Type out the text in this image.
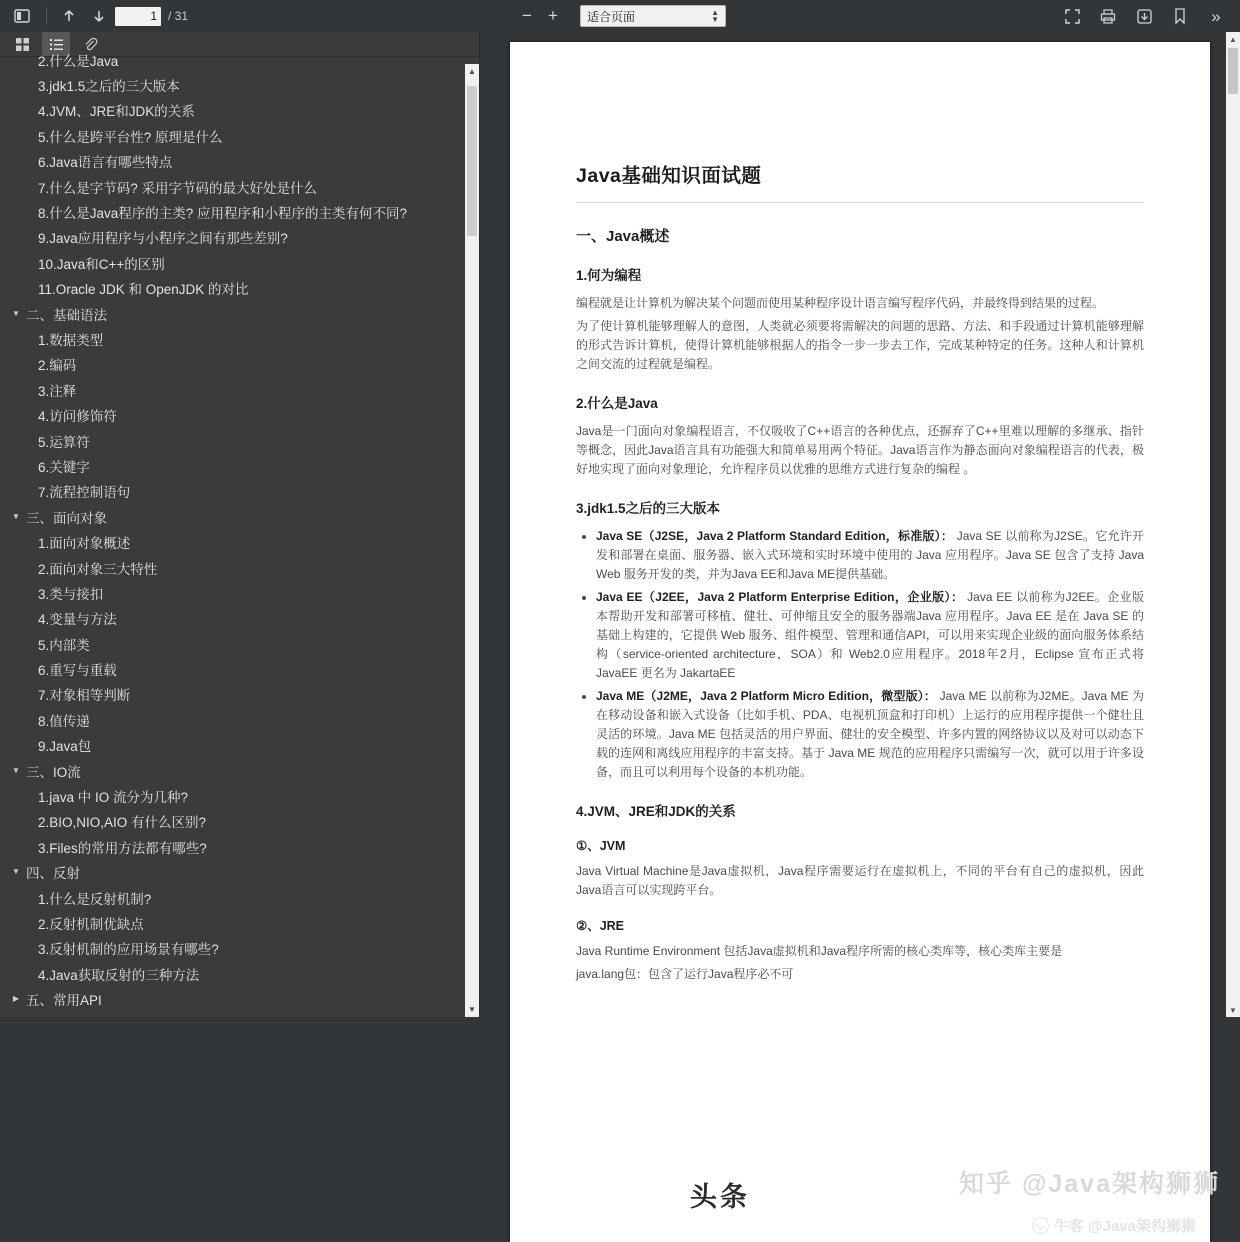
1
/ 31	− +	适合页面	▲
▼	»
2.什么是Java
3.jdk1.5之后的三大版本
4.JVM、JRE和JDK的关系
5.什么是跨平台性? 原理是什么
6.Java语言有哪些特点
7.什么是字节码? 采用字节码的最大好处是什么
8.什么是Java程序的主类? 应用程序和小程序的主类有何不同?
9.Java应用程序与小程序之间有那些差别?
10.Java和C++的区别
11.Oracle JDK 和 OpenJDK 的对比
▼ 二、基础语法
1.数据类型
2.编码
3.注释
4.访问修饰符
5.运算符
6.关键字
7.流程控制语句
▼ 三、面向对象
1.面向对象概述
2.面向对象三大特性
3.类与接扣
4.变量与方法
5.内部类
6.重写与重载
7.对象相等判断
8.值传递
9.Java包
▼ 三、IO流
1.java 中 IO 流分为几种?
2.BIO,NIO,AIO 有什么区别?
3.Files的常用方法都有哪些?
▼ 四、反射
1.什么是反射机制?
2.反射机制优缺点
3.反射机制的应用场景有哪些?
4.Java获取反射的三种方法
▶ 五、常用API
▲
▼
Java基础知识面试题
一、Java概述
1.何为编程

编程就是让计算机为解决某个问题而使用某种程序设计语言编写程序代码，并最终得到结果的过程。

为了使计算机能够理解人的意图，人类就必须要将需解决的问题的思路、方法、和手段通过计算机能够理解的形式告诉计算机，使得计算机能够根据人的指令一步一步去工作，完成某种特定的任务。这种人和计算机之间交流的过程就是编程。

2.什么是Java

Java是一门面向对象编程语言，不仅吸收了C++语言的各种优点，还摒弃了C++里难以理解的多继承、指针等概念，因此Java语言具有功能强大和简单易用两个特征。Java语言作为静态面向对象编程语言的代表，极好地实现了面向对象理论，允许程序员以优雅的思维方式进行复杂的编程 。

3.jdk1.5之后的三大版本
• Java SE（J2SE，Java 2 Platform Standard Edition，标准版）： Java SE 以前称为J2SE。它允许开发和部署在桌面、服务器、嵌入式环境和实时环境中使用的 Java 应用程序。Java SE 包含了支持 Java Web 服务开发的类，并为Java EE和Java ME提供基础。
• Java EE（J2EE，Java 2 Platform Enterprise Edition，企业版）： Java EE 以前称为J2EE。企业版本帮助开发和部署可移植、健壮、可伸缩且安全的服务器端Java 应用程序。Java EE 是在 Java SE 的基础上构建的，它提供 Web 服务、组件模型、管理和通信API，可以用来实现企业级的面向服务体系结构（service-oriented architecture，SOA）和 Web2.0应用程序。2018年2月，Eclipse 宣布正式将JavaEE 更名为 JakartaEE
• Java ME（J2ME，Java 2 Platform Micro Edition，微型版）： Java ME 以前称为J2ME。Java ME 为在移动设备和嵌入式设备（比如手机、PDA、电视机顶盒和打印机）上运行的应用程序提供一个健壮且灵活的环境。Java ME 包括灵活的用户界面、健壮的安全模型、许多内置的网络协议以及对可以动态下载的连网和离线应用程序的丰富支持。基于 Java ME 规范的应用程序只需编写一次，就可以用于许多设备，而且可以利用每个设备的本机功能。
4.JVM、JRE和JDK的关系
①、JVM

Java Virtual Machine是Java虚拟机，Java程序需要运行在虚拟机上，不同的平台有自己的虚拟机，因此Java语言可以实现跨平台。

②、JRE

Java Runtime Environment 包括Java虚拟机和Java程序所需的核心类库等，核心类库主要是

java.lang包：包含了运行Java程序必不可

头条	知乎 @Java架构狮狮
牛客 @Java架构狮狮
▲
▼
